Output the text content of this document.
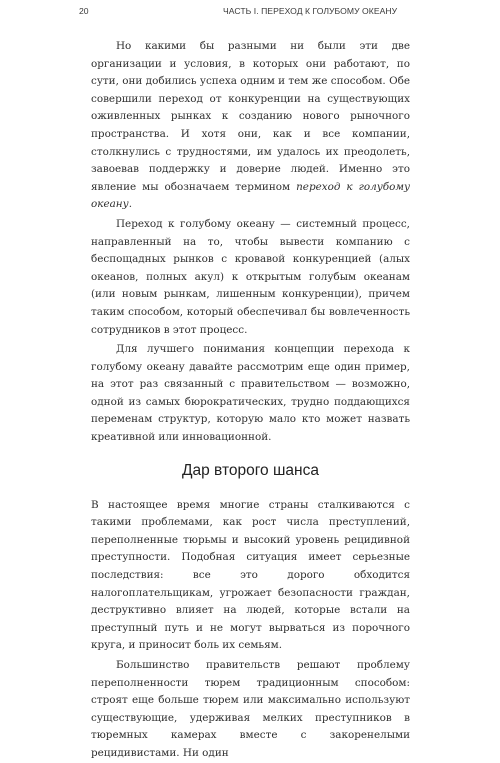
20	ЧАСТЬ I. ПЕРЕХОД К ГОЛУБОМУ ОКЕАНУ

Но какими бы разными ни были эти две организации и условия, в которых они работают, по сути, они добились успеха одним и тем же способом. Обе совершили переход от конкуренции на существующих оживленных рынках к созданию нового рыночного пространства. И хотя они, как и все компании, столкнулись с трудностями, им удалось их преодолеть, завоевав поддержку и доверие людей. Именно это явление мы обозначаем термином переход к голубому океану.

Переход к голубому океану — системный процесс, направленный на то, чтобы вывести компанию с беспощадных рынков с кровавой конкуренцией (алых океанов, полных акул) к открытым голубым океанам (или новым рынкам, лишенным конкуренции), причем таким способом, который обеспечивал бы вовлеченность сотрудников в этот процесс.

Для лучшего понимания концепции перехода к голубому океану давайте рассмотрим еще один пример, на этот раз связанный с правительством — возможно, одной из самых бюрократических, трудно поддающихся переменам структур, которую мало кто может назвать креативной или инновационной.

Дар второго шанса

В настоящее время многие страны сталкиваются с такими проблемами, как рост числа преступлений, переполненные тюрьмы и высокий уровень рецидивной преступности. Подобная ситуация имеет серьезные последствия: все это дорого обходится налогоплательщикам, угрожает безопасности граждан, деструктивно влияет на людей, которые встали на преступный путь и не могут вырваться из порочного круга, и приносит боль их семьям.

Большинство правительств решают проблему переполненности тюрем традиционным способом: строят еще больше тюрем или максимально используют существующие, удерживая мелких преступников в тюремных камерах вместе с закоренелыми рецидивистами. Ни один
